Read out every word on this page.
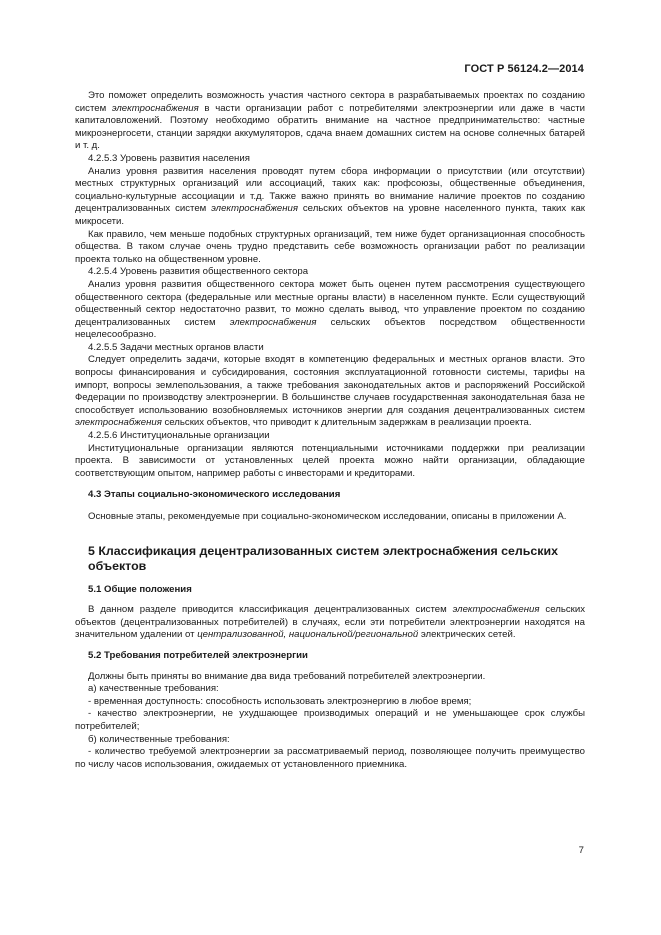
ГОСТ Р 56124.2—2014

Это поможет определить возможность участия частного сектора в разрабатываемых проектах по созданию систем электроснабжения в части организации работ с потребителями электроэнергии или даже в части капиталовложений. Поэтому необходимо обратить внимание на частное предпринимательство: частные микроэнергосети, станции зарядки аккумуляторов, сдача внаем домашних систем на основе солнечных батарей и т. д.

4.2.5.3 Уровень развития населения

Анализ уровня развития населения проводят путем сбора информации о присутствии (или отсутствии) местных структурных организаций или ассоциаций, таких как: профсоюзы, общественные объединения, социально-культурные ассоциации и т.д. Также важно принять во внимание наличие проектов по созданию децентрализованных систем электроснабжения сельских объектов на уровне населенного пункта, таких как микросети.

Как правило, чем меньше подобных структурных организаций, тем ниже будет организационная способность общества. В таком случае очень трудно представить себе возможность организации работ по реализации проекта только на общественном уровне.

4.2.5.4 Уровень развития общественного сектора

Анализ уровня развития общественного сектора может быть оценен путем рассмотрения существующего общественного сектора (федеральные или местные органы власти) в населенном пункте. Если существующий общественный сектор недостаточно развит, то можно сделать вывод, что управление проектом по созданию децентрализованных систем электроснабжения сельских объектов посредством общественности нецелесообразно.

4.2.5.5 Задачи местных органов власти

Следует определить задачи, которые входят в компетенцию федеральных и местных органов власти. Это вопросы финансирования и субсидирования, состояния эксплуатационной готовности системы, тарифы на импорт, вопросы землепользования, а также требования законодательных актов и распоряжений Российской Федерации по производству электроэнергии. В большинстве случаев государственная законодательная база не способствует использованию возобновляемых источников энергии для создания децентрализованных систем электроснабжения сельских объектов, что приводит к длительным задержкам в реализации проекта.

4.2.5.6 Институциональные организации

Институциональные организации являются потенциальными источниками поддержки при реализации проекта. В зависимости от установленных целей проекта можно найти организации, обладающие соответствующим опытом, например работы с инвесторами и кредиторами.

4.3 Этапы социально-экономического исследования

Основные этапы, рекомендуемые при социально-экономическом исследовании, описаны в приложении А.

5 Классификация децентрализованных систем электроснабжения сельских объектов

5.1 Общие положения

В данном разделе приводится классификация децентрализованных систем электроснабжения сельских объектов (децентрализованных потребителей) в случаях, если эти потребители электроэнергии находятся на значительном удалении от централизованной, национальной/региональной электрических сетей.

5.2 Требования потребителей электроэнергии

Должны быть приняты во внимание два вида требований потребителей электроэнергии.

а) качественные требования:

- временная доступность: способность использовать электроэнергию в любое время;

- качество электроэнергии, не ухудшающее производимых операций и не уменьшающее срок службы потребителей;

б) количественные требования:

- количество требуемой электроэнергии за рассматриваемый период, позволяющее получить преимущество по числу часов использования, ожидаемых от установленного приемника.

7
